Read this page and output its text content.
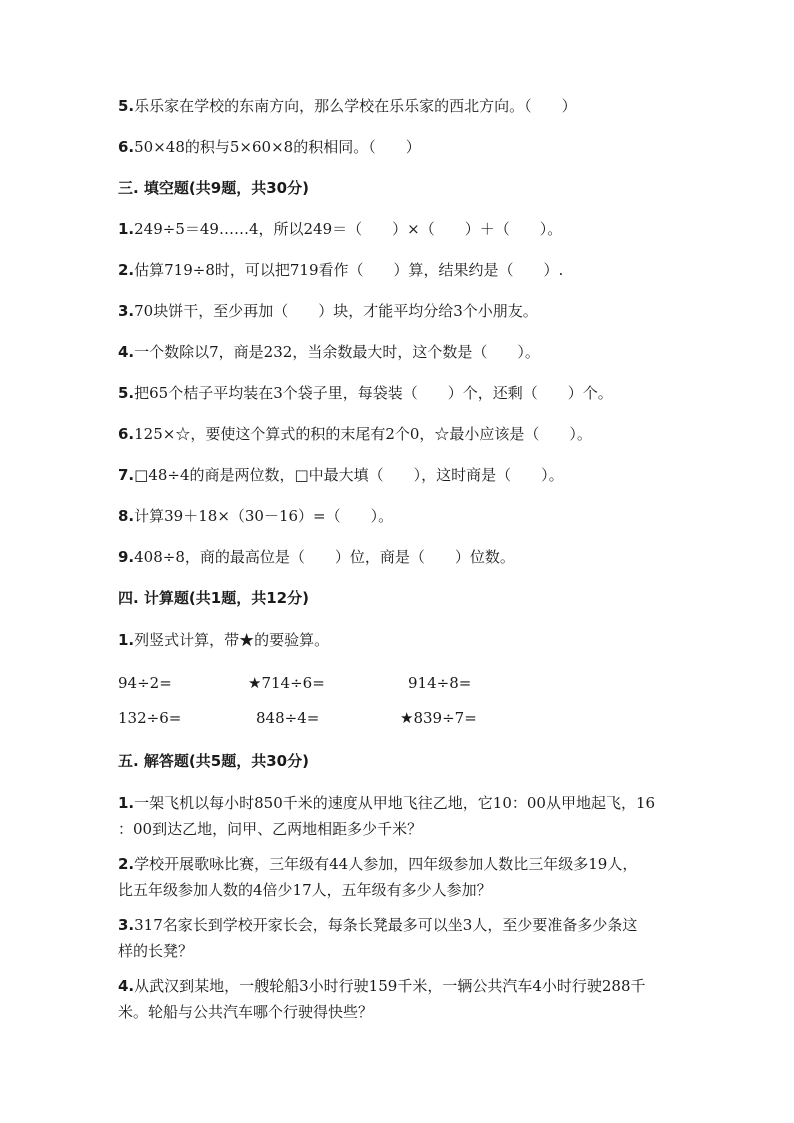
5.乐乐家在学校的东南方向，那么学校在乐乐家的西北方向。（　　）
6.50×48的积与5×60×8的积相同。（　　）
三. 填空题(共9题，共30分)
1.249÷5＝49……4，所以249＝（　　）×（　　）＋（　　）。
2.估算719÷8时，可以把719看作（　　）算，结果约是（　　）.
3.70块饼干，至少再加（　　）块，才能平均分给3个小朋友。
4.一个数除以7，商是232，当余数最大时，这个数是（　　）。
5.把65个桔子平均装在3个袋子里，每袋装（　　）个，还剩（　　）个。
6.125×☆，要使这个算式的积的末尾有2个0，☆最小应该是（　　）。
7.□48÷4的商是两位数，□中最大填（　　），这时商是（　　）。
8.计算39＋18×（30－16）=（　　）。
9.408÷8，商的最高位是（　　）位，商是（　　）位数。
四. 计算题(共1题，共12分)
1.列竖式计算，带★的要验算。
94÷2=	★714÷6=	914÷8=
132÷6=	848÷4=	★839÷7=
五. 解答题(共5题，共30分)
1.一架飞机以每小时850千米的速度从甲地飞往乙地，它10：00从甲地起飞，16
：00到达乙地，问甲、乙两地相距多少千米？
2.学校开展歌咏比赛，三年级有44人参加，四年级参加人数比三年级多19人，
比五年级参加人数的4倍少17人，五年级有多少人参加？
3.317名家长到学校开家长会，每条长凳最多可以坐3人，至少要准备多少条这
样的长凳？
4.从武汉到某地，一艘轮船3小时行驶159千米，一辆公共汽车4小时行驶288千
米。轮船与公共汽车哪个行驶得快些？
